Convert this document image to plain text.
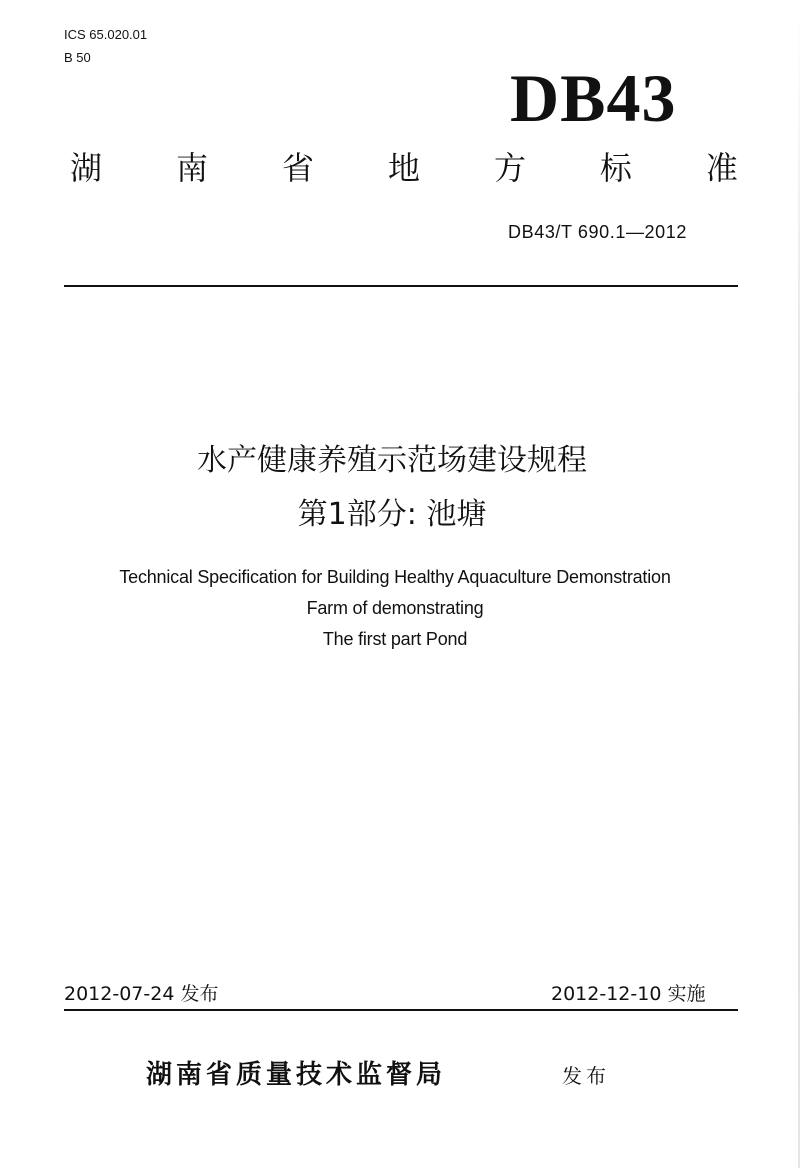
ICS 65.020.01
B 50
DB43
湖 南 省 地 方 标 准
DB43/T 690.1—2012
水产健康养殖示范场建设规程
第1部分: 池塘
Technical Specification for Building Healthy Aquaculture Demonstration
Farm of demonstrating
The first part Pond
2012-07-24 发布	2012-12-10 实施
湖南省质量技术监督局	发布
